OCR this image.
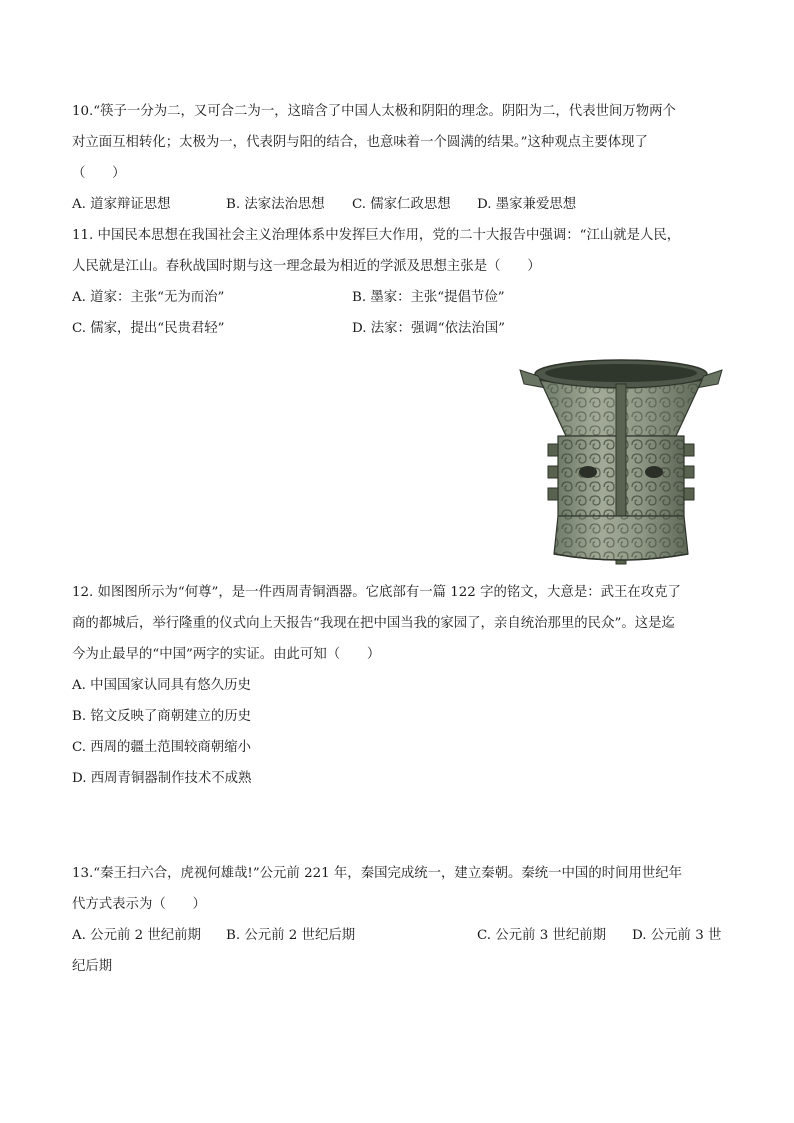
10.“筷子一分为二，又可合二为一，这暗含了中国人太极和阴阳的理念。阴阳为二，代表世间万物两个
对立面互相转化；太极为一，代表阴与阳的结合，也意味着一个圆满的结果。”这种观点主要体现了
（　　）
A. 道家辩证思想	B. 法家法治思想 C. 儒家仁政思想 D. 墨家兼爱思想
11. 中国民本思想在我国社会主义治理体系中发挥巨大作用，党的二十大报告中强调：“江山就是人民，
人民就是江山。春秋战国时期与这一理念最为相近的学派及思想主张是（　　）
A. 道家：主张“无为而治”	B. 墨家：主张“提倡节俭”
C. 儒家，提出“民贵君轻”	D. 法家：强调“依法治国”
12. 如图图所示为“何尊”，是一件西周青铜酒器。它底部有一篇 122 字的铭文，大意是：武王在攻克了
商的都城后，举行隆重的仪式向上天报告“我现在把中国当我的家园了，亲自统治那里的民众”。这是迄
今为止最早的“中国”两字的实证。由此可知（　　）
A. 中国国家认同具有悠久历史
B. 铭文反映了商朝建立的历史
C. 西周的疆土范围较商朝缩小
D. 西周青铜器制作技术不成熟
13.“秦王扫六合，虎视何雄哉!”公元前 221 年，秦国完成统一，建立秦朝。秦统一中国的时间用世纪年
代方式表示为（　　）
A. 公元前 2 世纪前期 B. 公元前 2 世纪后期	C. 公元前 3 世纪前期 D. 公元前 3 世
纪后期
